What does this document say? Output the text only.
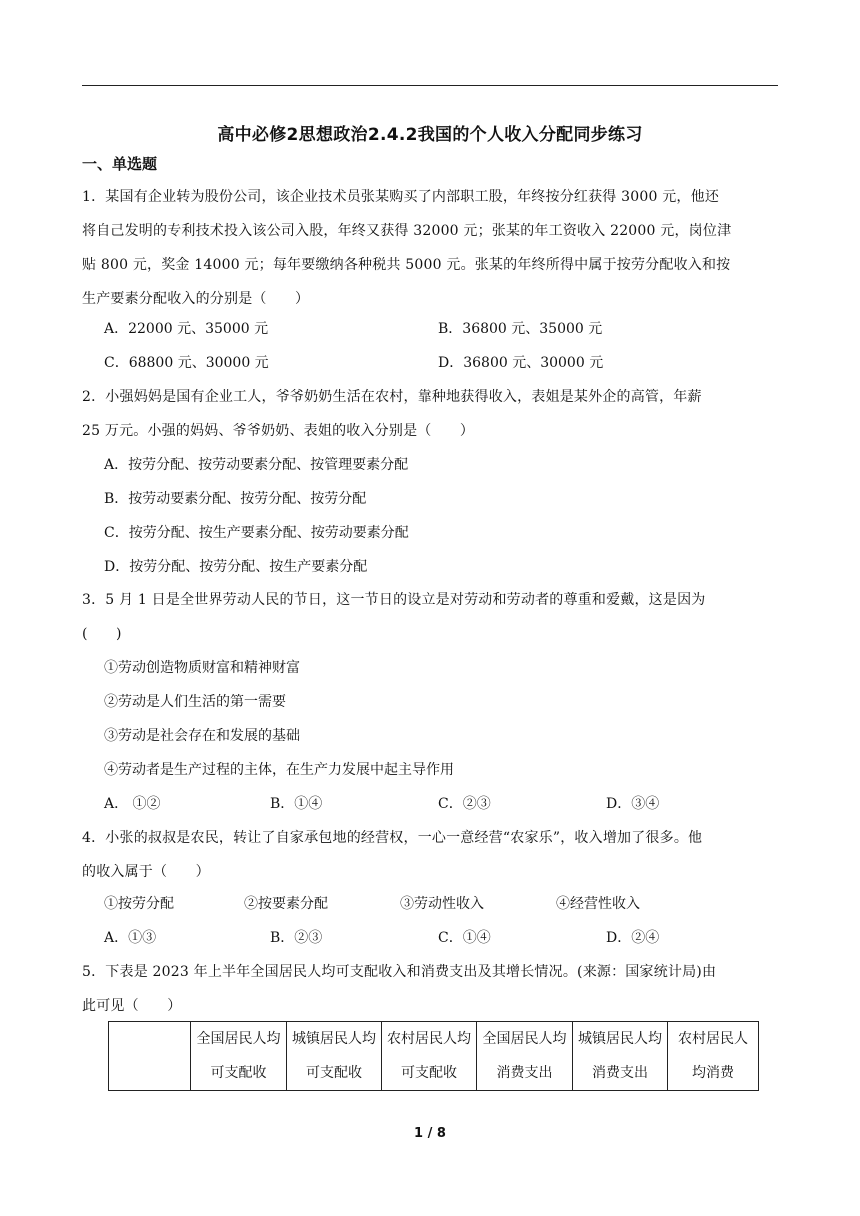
高中必修2思想政治2.4.2我国的个人收入分配同步练习
一、单选题
1．某国有企业转为股份公司，该企业技术员张某购买了内部职工股，年终按分红获得 3000 元，他还
将自己发明的专利技术投入该公司入股，年终又获得 32000 元；张某的年工资收入 22000 元，岗位津
贴 800 元，奖金 14000 元；每年要缴纳各种税共 5000 元。张某的年终所得中属于按劳分配收入和按
生产要素分配收入的分别是（　　）
A．22000 元、35000 元	B．36800 元、35000 元
C．68800 元、30000 元	D．36800 元、30000 元
2．小强妈妈是国有企业工人，爷爷奶奶生活在农村，靠种地获得收入，表姐是某外企的高管，年薪
25 万元。小强的妈妈、爷爷奶奶、表姐的收入分别是（　　）
A．按劳分配、按劳动要素分配、按管理要素分配
B．按劳动要素分配、按劳分配、按劳分配
C．按劳分配、按生产要素分配、按劳动要素分配
D．按劳分配、按劳分配、按生产要素分配
3．5 月 1 日是全世界劳动人民的节日，这一节日的设立是对劳动和劳动者的尊重和爱戴，这是因为
(　　)
①劳动创造物质财富和精神财富
②劳动是人们生活的第一需要
③劳动是社会存在和发展的基础
④劳动者是生产过程的主体，在生产力发展中起主导作用
A． ①②	B．①④	C．②③	D．③④
4．小张的叔叔是农民，转让了自家承包地的经营权，一心一意经营“农家乐”，收入增加了很多。他
的收入属于（　　）
①按劳分配	②按要素分配	③劳动性收入	④经营性收入
A．①③	B．②③	C．①④	D．②④
5．下表是 2023 年上半年全国居民人均可支配收入和消费支出及其增长情况。(来源：国家统计局)由
此可见（　　）
	全国居民人均可支配收	城镇居民人均可支配收	农村居民人均可支配收	全国居民人均消费支出	城镇居民人均消费支出	农村居民人均消费
1 / 8
